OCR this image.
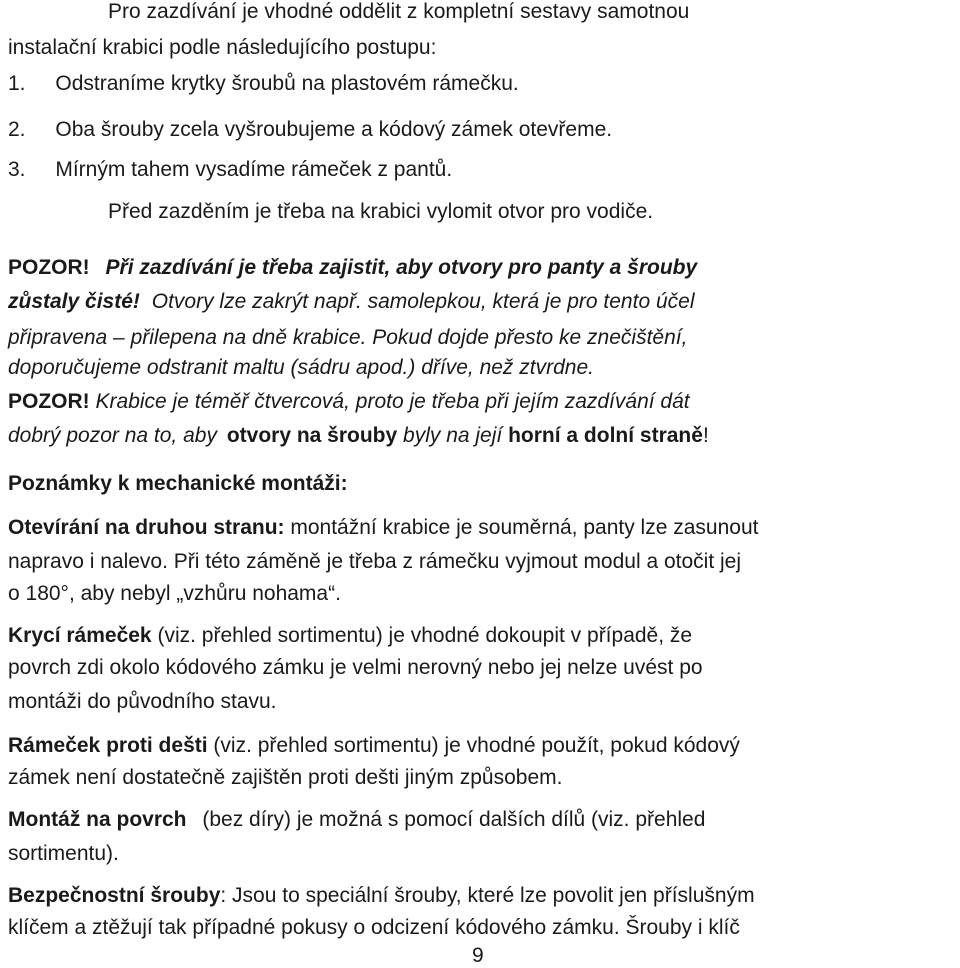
Pro zazdívání je vhodné oddělit z kompletní sestavy samotnou
instalační krabici podle následujícího postupu:
1. Odstraníme krytky šroubů na plastovém rámečku.
2. Oba šrouby zcela vyšroubujeme a kódový zámek otevřeme.
3. Mírným tahem vysadíme rámeček z pantů.
Před zazděním je třeba na krabici vylomit otvor pro vodiče.
POZOR! Při zazdívání je třeba zajistit, aby otvory pro panty a šrouby
zůstaly čisté! Otvory lze zakrýt např. samolepkou, která je pro tento účel
připravena – přilepena na dně krabice. Pokud dojde přesto ke znečištění,
doporučujeme odstranit maltu (sádru apod.) dříve, než ztvrdne.
POZOR! Krabice je téměř čtvercová, proto je třeba při jejím zazdívání dát
dobrý pozor na to, aby otvory na šrouby byly na její horní a dolní straně!
Poznámky k mechanické montáži:
Otevírání na druhou stranu: montážní krabice je souměrná, panty lze zasunout
napravo i nalevo. Při této záměně je třeba z rámečku vyjmout modul a otočit jej
o 180°, aby nebyl „vzhůru nohama“.
Krycí rámeček (viz. přehled sortimentu) je vhodné dokoupit v případě, že
povrch zdi okolo kódového zámku je velmi nerovný nebo jej nelze uvést po
montáži do původního stavu.
Rámeček proti dešti (viz. přehled sortimentu) je vhodné použít, pokud kódový
zámek není dostatečně zajištěn proti dešti jiným způsobem.
Montáž na povrch (bez díry) je možná s pomocí dalších dílů (viz. přehled
sortimentu).
Bezpečnostní šrouby: Jsou to speciální šrouby, které lze povolit jen příslušným
klíčem a ztěžují tak případné pokusy o odcizení kódového zámku. Šrouby i klíč
9
